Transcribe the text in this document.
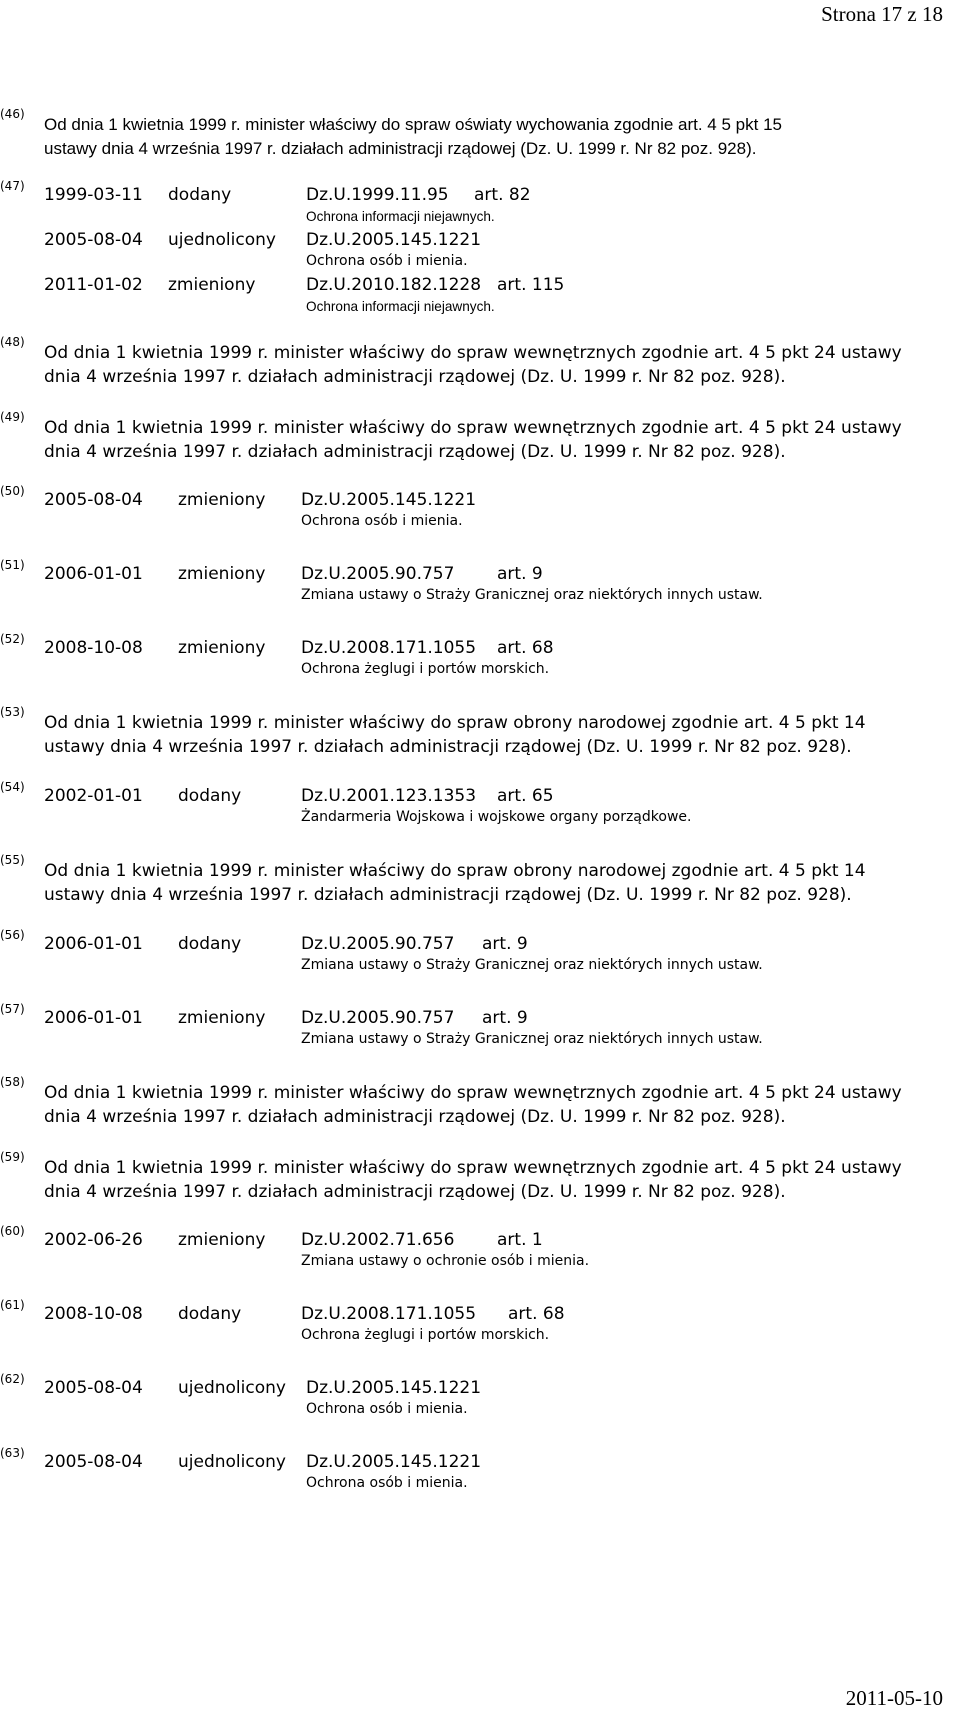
Strona 17 z 18
(46)
Od dnia 1 kwietnia 1999 r. minister właściwy do spraw oświaty wychowania zgodnie art. 4 5 pkt 15
ustawy dnia 4 września 1997 r. działach administracji rządowej (Dz. U. 1999 r. Nr 82 poz. 928).
(47) 1999-03-11 dodany	Dz.U.1999.11.95 art. 82
Ochrona informacji niejawnych.
2005-08-04 ujednolicony Dz.U.2005.145.1221
Ochrona osób i mienia.
2011-01-02 zmieniony	Dz.U.2010.182.1228 art. 115
Ochrona informacji niejawnych.
(48)
Od dnia 1 kwietnia 1999 r. minister właściwy do spraw wewnętrznych zgodnie art. 4 5 pkt 24 ustawy
dnia 4 września 1997 r. działach administracji rządowej (Dz. U. 1999 r. Nr 82 poz. 928).
(49)
Od dnia 1 kwietnia 1999 r. minister właściwy do spraw wewnętrznych zgodnie art. 4 5 pkt 24 ustawy
dnia 4 września 1997 r. działach administracji rządowej (Dz. U. 1999 r. Nr 82 poz. 928).
(50) 2005-08-04 zmieniony Dz.U.2005.145.1221
Ochrona osób i mienia.
(51) 2006-01-01 zmieniony Dz.U.2005.90.757	art. 9
Zmiana ustawy o Straży Granicznej oraz niektórych innych ustaw.
(52) 2008-10-08 zmieniony Dz.U.2008.171.1055 art. 68
Ochrona żeglugi i portów morskich.
(53)
Od dnia 1 kwietnia 1999 r. minister właściwy do spraw obrony narodowej zgodnie art. 4 5 pkt 14
ustawy dnia 4 września 1997 r. działach administracji rządowej (Dz. U. 1999 r. Nr 82 poz. 928).
(54) 2002-01-01 dodany	Dz.U.2001.123.1353 art. 65
Żandarmeria Wojskowa i wojskowe organy porządkowe.
(55)
Od dnia 1 kwietnia 1999 r. minister właściwy do spraw obrony narodowej zgodnie art. 4 5 pkt 14
ustawy dnia 4 września 1997 r. działach administracji rządowej (Dz. U. 1999 r. Nr 82 poz. 928).
(56) 2006-01-01 dodany	Dz.U.2005.90.757 art. 9
Zmiana ustawy o Straży Granicznej oraz niektórych innych ustaw.
(57) 2006-01-01 zmieniony Dz.U.2005.90.757 art. 9
Zmiana ustawy o Straży Granicznej oraz niektórych innych ustaw.
(58)
Od dnia 1 kwietnia 1999 r. minister właściwy do spraw wewnętrznych zgodnie art. 4 5 pkt 24 ustawy
dnia 4 września 1997 r. działach administracji rządowej (Dz. U. 1999 r. Nr 82 poz. 928).
(59)
Od dnia 1 kwietnia 1999 r. minister właściwy do spraw wewnętrznych zgodnie art. 4 5 pkt 24 ustawy
dnia 4 września 1997 r. działach administracji rządowej (Dz. U. 1999 r. Nr 82 poz. 928).
(60) 2002-06-26 zmieniony Dz.U.2002.71.656	art. 1
Zmiana ustawy o ochronie osób i mienia.
(61) 2008-10-08 dodany	Dz.U.2008.171.1055 art. 68
Ochrona żeglugi i portów morskich.
(62) 2005-08-04 ujednolicony Dz.U.2005.145.1221
Ochrona osób i mienia.
(63) 2005-08-04 ujednolicony Dz.U.2005.145.1221
Ochrona osób i mienia.
2011-05-10
